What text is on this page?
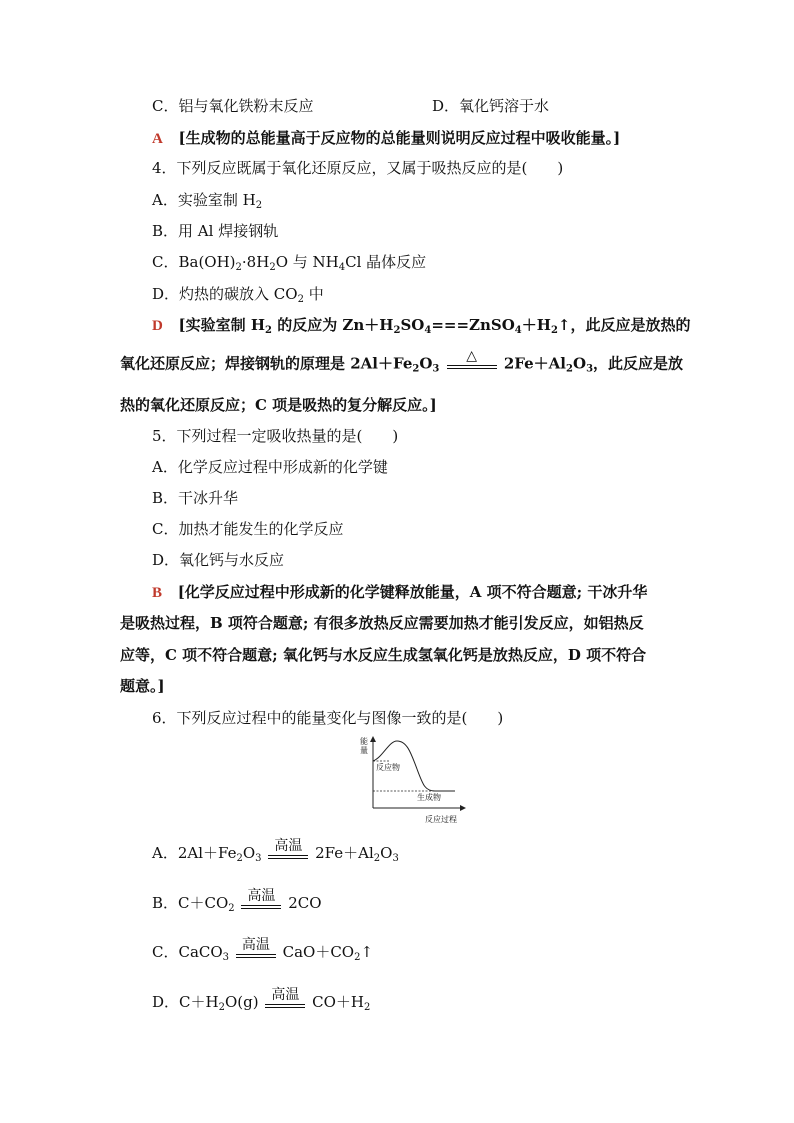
C．铝与氧化铁粉末反应	D．氧化钙溶于水
A [生成物的总能量高于反应物的总能量则说明反应过程中吸收能量。]
4．下列反应既属于氧化还原反应，又属于吸热反应的是(　　)
A．实验室制 $H_2$
B．用 Al 焊接钢轨
C．$Ba(OH)_2\cdot 8H_2O$ 与 $NH_4Cl$ 晶体反应
D．灼热的碳放入 $CO_2$ 中
D [实验室制 $H_2$ 的反应为 $Zn+H_2SO_4===ZnSO_4+H_2↑$，此反应是放热的
氧化还原反应；焊接钢轨的原理是 $2Al+Fe_2O_3$
△	$2Fe+Al_2O_3$，此反应是放
热的氧化还原反应；C 项是吸热的复分解反应。]
5．下列过程一定吸收热量的是(　　)
A．化学反应过程中形成新的化学键
B．干冰升华
C．加热才能发生的化学反应
D．氧化钙与水反应
B [化学反应过程中形成新的化学键释放能量，A 项不符合题意; 干冰升华
是吸热过程，B 项符合题意; 有很多放热反应需要加热才能引发反应，如铝热反
应等，C 项不符合题意; 氧化钙与水反应生成氢氧化钙是放热反应，D 项不符合
题意。]
6．下列反应过程中的能量变化与图像一致的是(　　)
能量
反应物
生成物
反应过程
A．$2Al+Fe_2O_3$
高温 $2Fe+Al_2O_3$
B．$C+CO_2$
高温 2CO
C．CaCO$_3$
高温 $CaO+CO_2↑$
D．$C+H_2O(g)$ 高温 $CO+H_2$
